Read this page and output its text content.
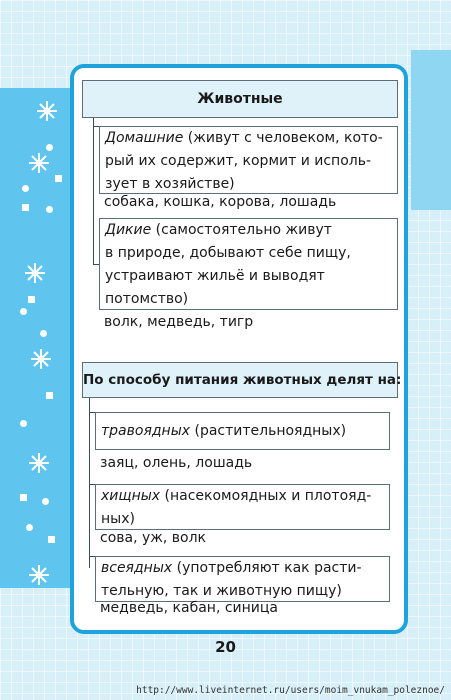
Животные
Домашние (живут с человеком, кото-
рый их содержит, кормит и исполь-
зует в хозяйстве)
собака, кошка, корова, лошадь
Дикие (самостоятельно живут
в природе, добывают себе пищу,
устраивают жильё и выводят
потомство)
волк, медведь, тигр
По способу питания животных делят на:
травоядных (растительноядных)
заяц, олень, лошадь
хищных (насекомоядных и плотояд-
ных)
сова, уж, волк
всеядных (употребляют как расти-
тельную, так и животную пищу)
медведь, кабан, синица
20
http://www.liveinternet.ru/users/moim_vnukam_poleznoe/
